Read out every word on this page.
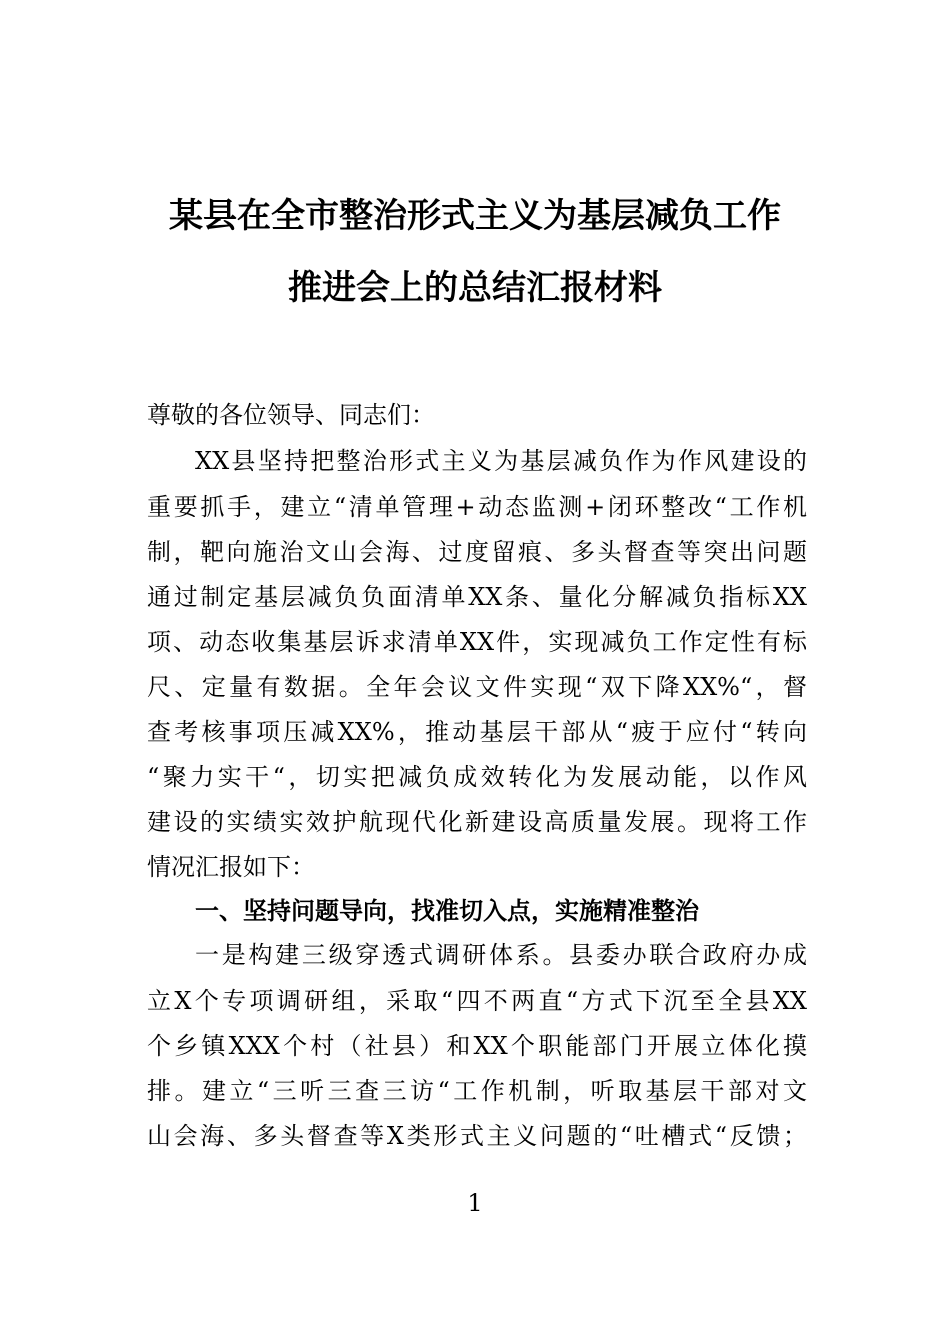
某县在全市整治形式主义为基层减负工作
推进会上的总结汇报材料
尊敬的各位领导、同志们：
XX县坚持把整治形式主义为基层减负作为作风建设的
重要抓手，建立“清单管理+动态监测+闭环整改“工作机
制，靶向施治文山会海、过度留痕、多头督查等突出问题
通过制定基层减负负面清单XX条、量化分解减负指标XX
项、动态收集基层诉求清单XX件，实现减负工作定性有标
尺、定量有数据。全年会议文件实现“双下降XX%“，督
查考核事项压减XX%，推动基层干部从“疲于应付“转向
“聚力实干“，切实把减负成效转化为发展动能，以作风
建设的实绩实效护航现代化新建设高质量发展。现将工作
情况汇报如下：
一、坚持问题导向，找准切入点，实施精准整治
一是构建三级穿透式调研体系。县委办联合政府办成
立X个专项调研组，采取“四不两直“方式下沉至全县XX
个乡镇XXX个村（社县）和XX个职能部门开展立体化摸
排。建立“三听三查三访“工作机制，听取基层干部对文
山会海、多头督查等X类形式主义问题的“吐槽式“反馈；
1
